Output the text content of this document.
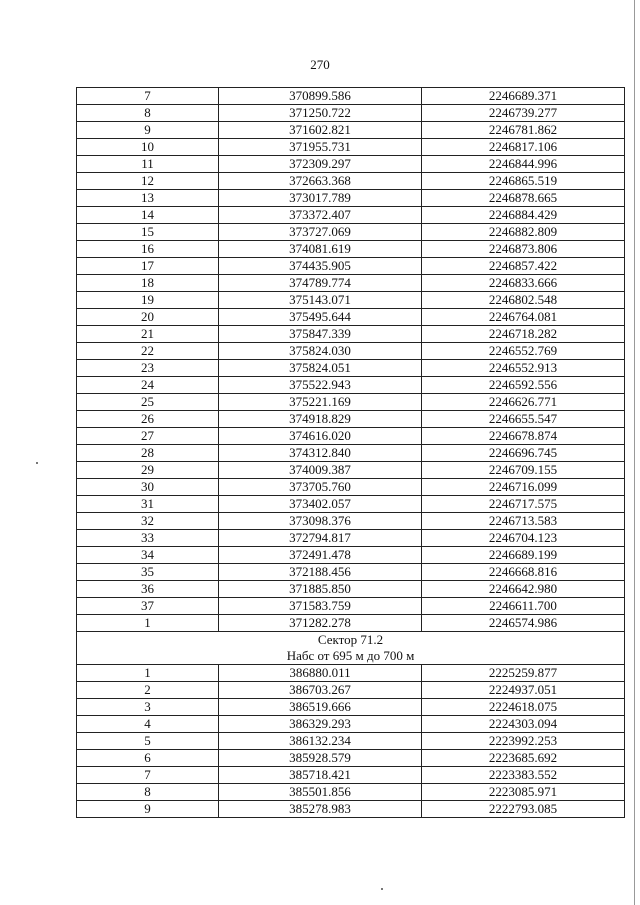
270
7	370899.586	2246689.371
8	371250.722	2246739.277
9	371602.821	2246781.862
10	371955.731	2246817.106
11	372309.297	2246844.996
12	372663.368	2246865.519
13	373017.789	2246878.665
14	373372.407	2246884.429
15	373727.069	2246882.809
16	374081.619	2246873.806
17	374435.905	2246857.422
18	374789.774	2246833.666
19	375143.071	2246802.548
20	375495.644	2246764.081
21	375847.339	2246718.282
22	375824.030	2246552.769
23	375824.051	2246552.913
24	375522.943	2246592.556
25	375221.169	2246626.771
26	374918.829	2246655.547
27	374616.020	2246678.874
28	374312.840	2246696.745
29	374009.387	2246709.155
30	373705.760	2246716.099
31	373402.057	2246717.575
32	373098.376	2246713.583
33	372794.817	2246704.123
34	372491.478	2246689.199
35	372188.456	2246668.816
36	371885.850	2246642.980
37	371583.759	2246611.700
1	371282.278	2246574.986
Сектор 71.2		
Набс от 695 м до 700 м		
1	386880.011	2225259.877
2	386703.267	2224937.051
3	386519.666	2224618.075
4	386329.293	2224303.094
5	386132.234	2223992.253
6	385928.579	2223685.692
7	385718.421	2223383.552
8	385501.856	2223085.971
9	385278.983	2222793.085
